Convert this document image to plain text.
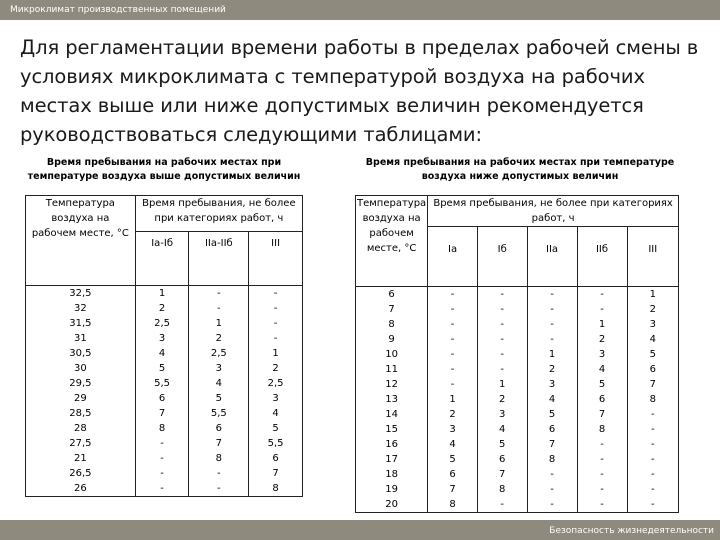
Микроклимат производственных помещений
Для регламентации времени работы в пределах рабочей смены в условиях микроклимата с температурой воздуха на рабочих местах выше или ниже допустимых величин рекомендуется руководствоваться следующими таблицами:
Время пребывания на рабочих местах при температуре воздуха выше допустимых величин
Время пребывания на рабочих местах при температуре воздуха ниже допустимых величин
Температура воздуха на рабочем месте, °С	Время пребывания, не более при категориях работ, ч		
	Iа-Iб	IIа-IIб	III
32,5	1	-	-
32	2	-	-
31,5	2,5	1	-
31	3	2	-
30,5	4	2,5	1
30	5	3	2
29,5	5,5	4	2,5
29	6	5	3
28,5	7	5,5	4
28	8	6	5
27,5	-	7	5,5
21	-	8	6
26,5	-	-	7
26	-	-	8
Температура воздуха на рабочем месте, °С	Время пребывания, не более при категориях работ, ч				
	Iа	Iб	IIа	IIб	III
6	-	-	-	-	1
7	-	-	-	-	2
8	-	-	-	1	3
9	-	-	-	2	4
10	-	-	1	3	5
11	-	-	2	4	6
12	-	1	3	5	7
13	1	2	4	6	8
14	2	3	5	7	-
15	3	4	6	8	-
16	4	5	7	-	-
17	5	6	8	-	-
18	6	7	-	-	-
19	7	8	-	-	-
20	8	-	-	-	-
Безопасность жизнедеятельности
